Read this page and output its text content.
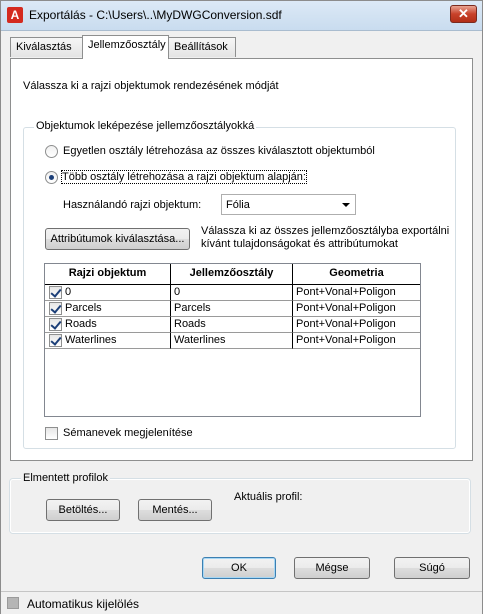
A Exportálás - C:\Users\..\MyDWGConversion.sdf	✕
Kiválasztás	Jellemzőosztály Beállítások
Válassza ki a rajzi objektumok rendezésének módját
Objektumok leképezése jellemzőosztályokká
Egyetlen osztály létrehozása az összes kiválasztott objektumból
Több osztály létrehozása a rajzi objektum alapján:
Használandó rajzi objektum: Fólia
Attribútumok kiválasztása...
Válassza ki az összes jellemzőosztályba exportálni kívánt tulajdonságokat és attribútumokat
Rajzi objektum	Jellemzőosztály	Geometria
0	0	Pont+Vonal+Poligon
Parcels	Parcels	Pont+Vonal+Poligon
Roads	Roads	Pont+Vonal+Poligon
Waterlines	Waterlines	Pont+Vonal+Poligon
Sémanevek megjelenítése
Elmentett profilok
Betöltés...	Mentés...
Aktuális profil:
OK	Mégse	Súgó
Automatikus kijelölés
